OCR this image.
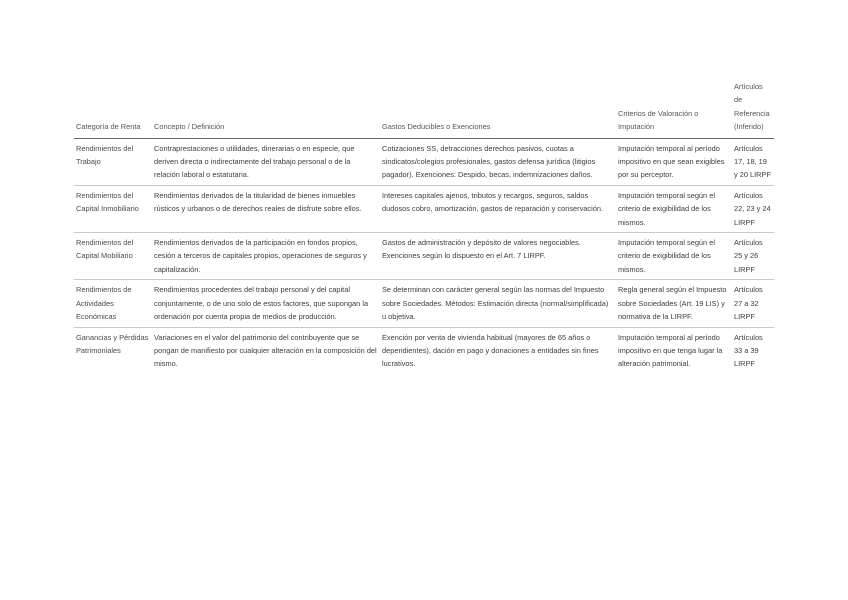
Categoría de Renta	Concepto / Definición	Gastos Deducibles o Exenciones	Criterios de Valoración o Imputación	Artículos de Referencia (Inferido)
Rendimientos del Trabajo	Contraprestaciones o utilidades, dinerarias o en especie, que deriven directa o indirectamente del trabajo personal o de la relación laboral o estatutaria.	Cotizaciones SS, detracciones derechos pasivos, cuotas a sindicatos/colegios profesionales, gastos defensa jurídica (litigios pagador). Exenciones: Despido, becas, indemnizaciones daños.	Imputación temporal al período impositivo en que sean exigibles por su perceptor.	Artículos 17, 18, 19 y 20 LIRPF
Rendimientos del Capital Inmobiliario	Rendimientos derivados de la titularidad de bienes inmuebles rústicos y urbanos o de derechos reales de disfrute sobre ellos.	Intereses capitales ajenos, tributos y recargos, seguros, saldos dudosos cobro, amortización, gastos de reparación y conservación.	Imputación temporal según el criterio de exigibilidad de los mismos.	Artículos 22, 23 y 24 LIRPF
Rendimientos del Capital Mobiliario	Rendimientos derivados de la participación en fondos propios, cesión a terceros de capitales propios, operaciones de seguros y capitalización.	Gastos de administración y depósito de valores negociables. Exenciones según lo dispuesto en el Art. 7 LIRPF.	Imputación temporal según el criterio de exigibilidad de los mismos.	Artículos 25 y 26 LIRPF
Rendimientos de Actividades Económicas	Rendimientos procedentes del trabajo personal y del capital conjuntamente, o de uno solo de estos factores, que supongan la ordenación por cuenta propia de medios de producción.	Se determinan con carácter general según las normas del Impuesto sobre Sociedades. Métodos: Estimación directa (normal/simplificada) u objetiva.	Regla general según el Impuesto sobre Sociedades (Art. 19 LIS) y normativa de la LIRPF.	Artículos 27 a 32 LIRPF
Ganancias y Pérdidas Patrimoniales	Variaciones en el valor del patrimonio del contribuyente que se pongan de manifiesto por cualquier alteración en la composición del mismo.	Exención por venta de vivienda habitual (mayores de 65 años o dependientes), dación en pago y donaciones a entidades sin fines lucrativos.	Imputación temporal al período impositivo en que tenga lugar la alteración patrimonial.	Artículos 33 a 39 LIRPF
